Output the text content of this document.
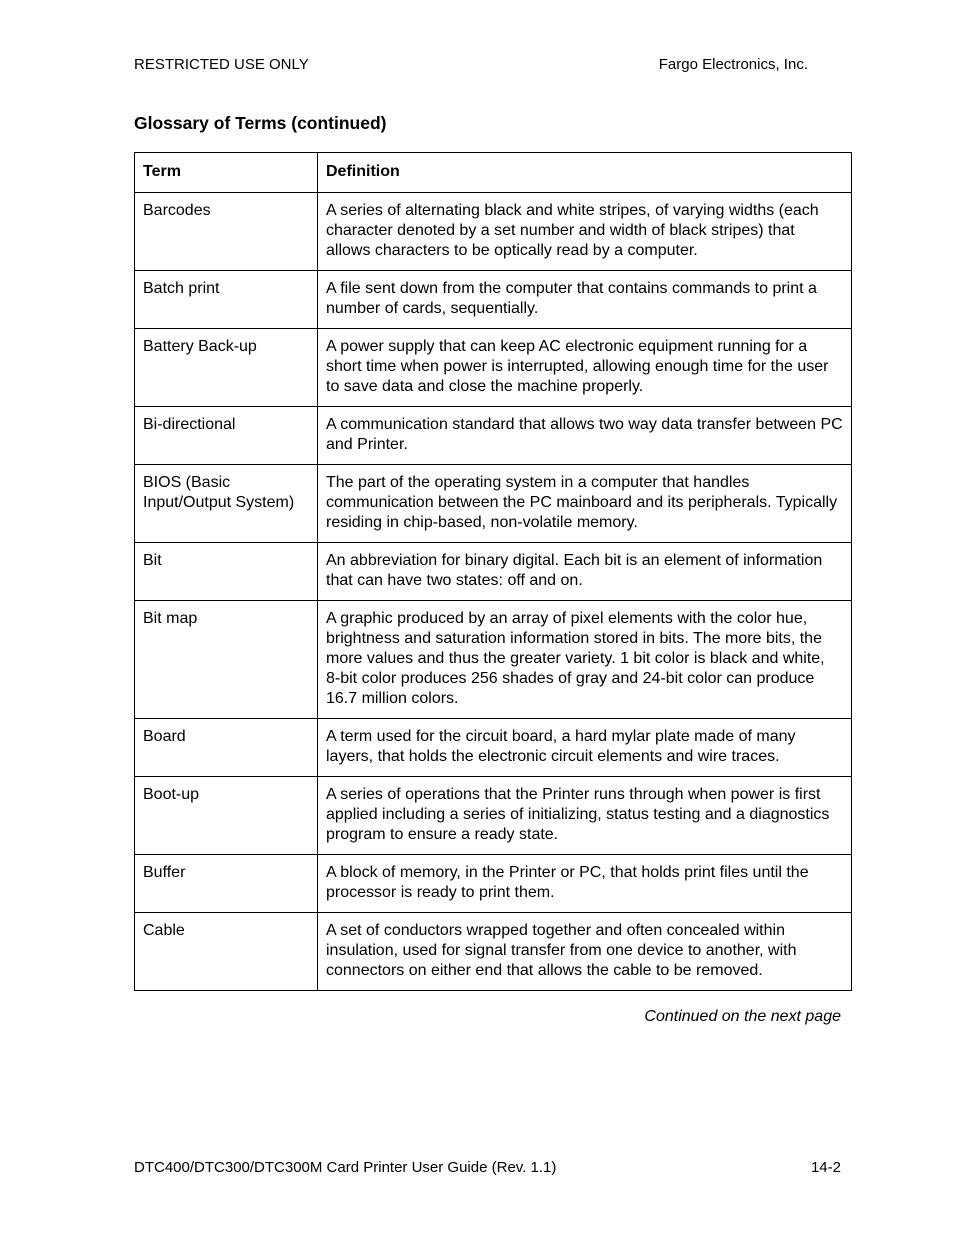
RESTRICTED USE ONLY	Fargo Electronics, Inc.
Glossary of Terms (continued)
Term	Definition
Barcodes	A series of alternating black and white stripes, of varying widths (each character denoted by a set number and width of black stripes) that allows characters to be optically read by a computer.
Batch print	A file sent down from the computer that contains commands to print a number of cards, sequentially.
Battery Back-up	A power supply that can keep AC electronic equipment running for a short time when power is interrupted, allowing enough time for the user to save data and close the machine properly.
Bi-directional	A communication standard that allows two way data transfer between PC and Printer.
BIOS (Basic Input/Output System)	The part of the operating system in a computer that handles communication between the PC mainboard and its peripherals. Typically residing in chip-based, non-volatile memory.
Bit	An abbreviation for binary digital. Each bit is an element of information that can have two states: off and on.
Bit map	A graphic produced by an array of pixel elements with the color hue, brightness and saturation information stored in bits. The more bits, the more values and thus the greater variety. 1 bit color is black and white, 8-bit color produces 256 shades of gray and 24-bit color can produce 16.7 million colors.
Board	A term used for the circuit board, a hard mylar plate made of many layers, that holds the electronic circuit elements and wire traces.
Boot-up	A series of operations that the Printer runs through when power is first applied including a series of initializing, status testing and a diagnostics program to ensure a ready state.
Buffer	A block of memory, in the Printer or PC, that holds print files until the processor is ready to print them.
Cable	A set of conductors wrapped together and often concealed within insulation, used for signal transfer from one device to another, with connectors on either end that allows the cable to be removed.
Continued on the next page
DTC400/DTC300/DTC300M Card Printer User Guide (Rev. 1.1)	14-2
